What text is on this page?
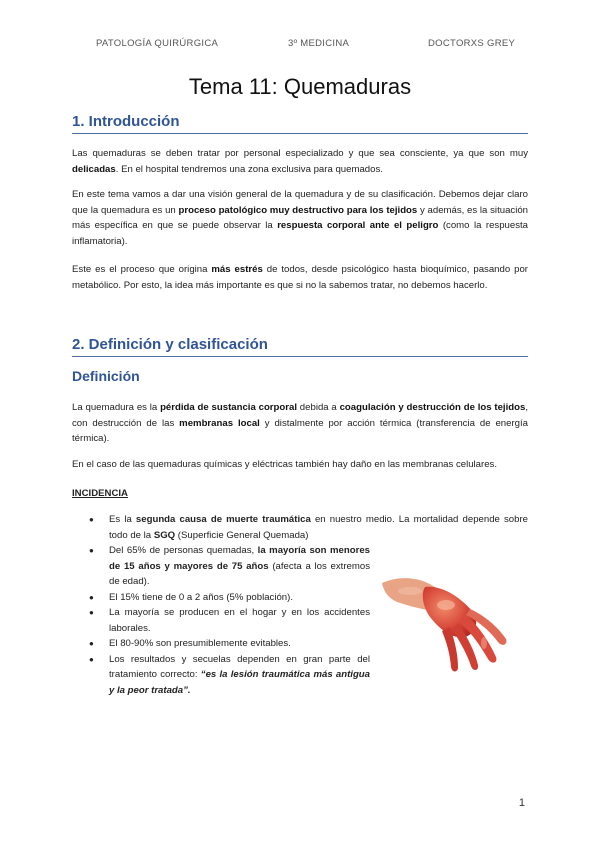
PATOLOGÍA QUIRÚRGICA	3º MEDICINA	DOCTORXS GREY
Tema 11: Quemaduras
1. Introducción
Las quemaduras se deben tratar por personal especializado y que sea consciente, ya que son muy delicadas. En el hospital tendremos una zona exclusiva para quemados.
En este tema vamos a dar una visión general de la quemadura y de su clasificación. Debemos dejar claro que la quemadura es un proceso patológico muy destructivo para los tejidos y además, es la situación más específica en que se puede observar la respuesta corporal ante el peligro (como la respuesta inflamatoria).
Este es el proceso que origina más estrés de todos, desde psicológico hasta bioquímico, pasando por metabólico. Por esto, la idea más importante es que si no la sabemos tratar, no debemos hacerlo.
2. Definición y clasificación
Definición
La quemadura es la pérdida de sustancia corporal debida a coagulación y destrucción de los tejidos, con destrucción de las membranas local y distalmente por acción térmica (transferencia de energía térmica).
En el caso de las quemaduras químicas y eléctricas también hay daño en las membranas celulares.
INCIDENCIA
● Es la segunda causa de muerte traumática en nuestro medio. La mortalidad depende sobre todo de la SGQ (Superficie General Quemada)
● Del 65% de personas quemadas, la mayoría son menores de 15 años y mayores de 75 años (afecta a los extremos de edad).
● El 15% tiene de 0 a 2 años (5% población).
● La mayoría se producen en el hogar y en los accidentes laborales.
● El 80-90% son presumiblemente evitables.
● Los resultados y secuelas dependen en gran parte del tratamiento correcto: “es la lesión traumática más antigua y la peor tratada”.
1
